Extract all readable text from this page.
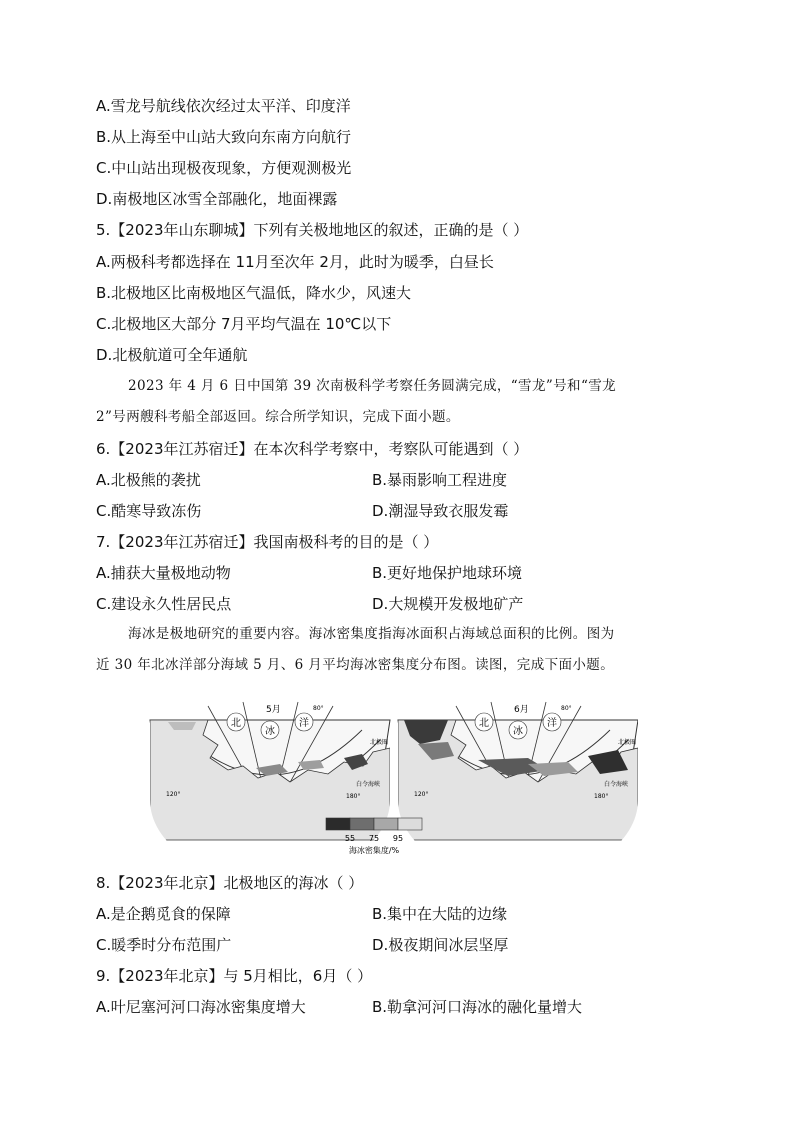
A.雪龙号航线依次经过太平洋、印度洋
B.从上海至中山站大致向东南方向航行
C.中山站出现极夜现象，方便观测极光
D.南极地区冰雪全部融化，地面裸露
5.【2023年山东聊城】下列有关极地地区的叙述，正确的是（ ）
A.两极科考都选择在 11月至次年 2月，此时为暖季，白昼长
B.北极地区比南极地区气温低，降水少，风速大
C.北极地区大部分 7月平均气温在 10℃以下
D.北极航道可全年通航
2023 年 4 月 6 日中国第 39 次南极科学考察任务圆满完成，“雪龙”号和“雪龙
2”号两艘科考船全部返回。综合所学知识，完成下面小题。
6.【2023年江苏宿迁】在本次科学考察中，考察队可能遇到（ ）
A.北极熊的袭扰	B.暴雨影响工程进度
C.酷寒导致冻伤	D.潮湿导致衣服发霉
7.【2023年江苏宿迁】我国南极科考的目的是（ ）
A.捕获大量极地动物	B.更好地保护地球环境
C.建设永久性居民点	D.大规模开发极地矿产
海冰是极地研究的重要内容。海冰密集度指海冰面积占海域总面积的比例。图为
近 30 年北冰洋部分海域 5 月、6 月平均海冰密集度分布图。读图，完成下面小题。
北
冰
洋
5月	80°
120°	180°
白令海峡
北极圈
北
冰
洋
6月	80°
120°	180°
白令海峡
北极圈
55 75 95
海冰密集度/%
8.【2023年北京】北极地区的海冰（ ）
A.是企鹅觅食的保障	B.集中在大陆的边缘
C.暖季时分布范围广	D.极夜期间冰层坚厚
9.【2023年北京】与 5月相比，6月（ ）
A.叶尼塞河河口海冰密集度增大	B.勒拿河河口海冰的融化量增大
